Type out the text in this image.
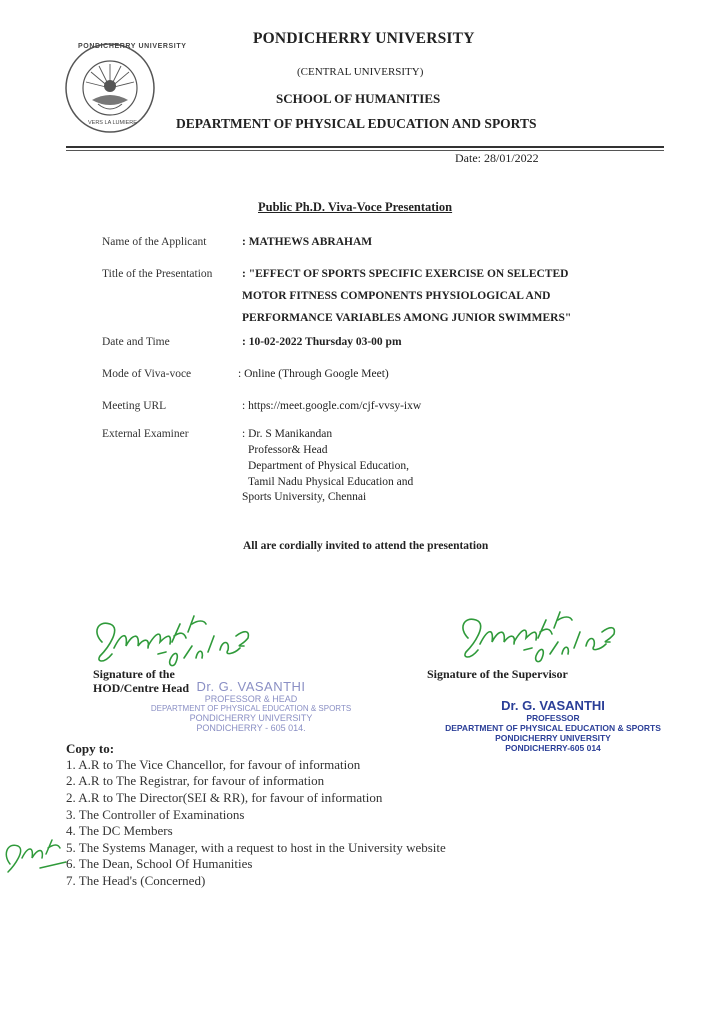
PONDICHERRY UNIVERSITY
VERS LA LUMIERE
PONDICHERRY UNIVERSITY
(CENTRAL UNIVERSITY)
SCHOOL OF HUMANITIES
DEPARTMENT OF PHYSICAL EDUCATION AND SPORTS
Date: 28/01/2022
Public Ph.D. Viva-Voce Presentation
Name of the Applicant	: MATHEWS ABRAHAM
Title of the Presentation	: "EFFECT OF SPORTS SPECIFIC EXERCISE ON SELECTED
MOTOR FITNESS COMPONENTS PHYSIOLOGICAL AND
PERFORMANCE VARIABLES AMONG JUNIOR SWIMMERS"
Date and Time	: 10-02-2022 Thursday 03-00 pm
Mode of Viva-voce	: Online (Through Google Meet)
Meeting URL	: https://meet.google.com/cjf-vvsy-ixw
External Examiner	: Dr. S Manikandan
Professor& Head
Department of Physical Education,
Tamil Nadu Physical Education and
Sports University, Chennai
All are cordially invited to attend the presentation
Signature of the
HOD/Centre Head Dr. G. VASANTHI
PROFESSOR & HEAD
DEPARTMENT OF PHYSICAL EDUCATION & SPORTS
PONDICHERRY UNIVERSITY
PONDICHERRY - 605 014.
Signature of the Supervisor
Dr. G. VASANTHI
PROFESSOR
DEPARTMENT OF PHYSICAL EDUCATION & SPORTS
PONDICHERRY UNIVERSITY
PONDICHERRY-605 014
Copy to:
1. A.R to The Vice Chancellor, for favour of information
2. A.R to The Registrar, for favour of information
2. A.R to The Director(SEI & RR), for favour of information
3. The Controller of Examinations
4. The DC Members
5. The Systems Manager, with a request to host in the University website
6. The Dean, School Of Humanities
7. The Head's (Concerned)
